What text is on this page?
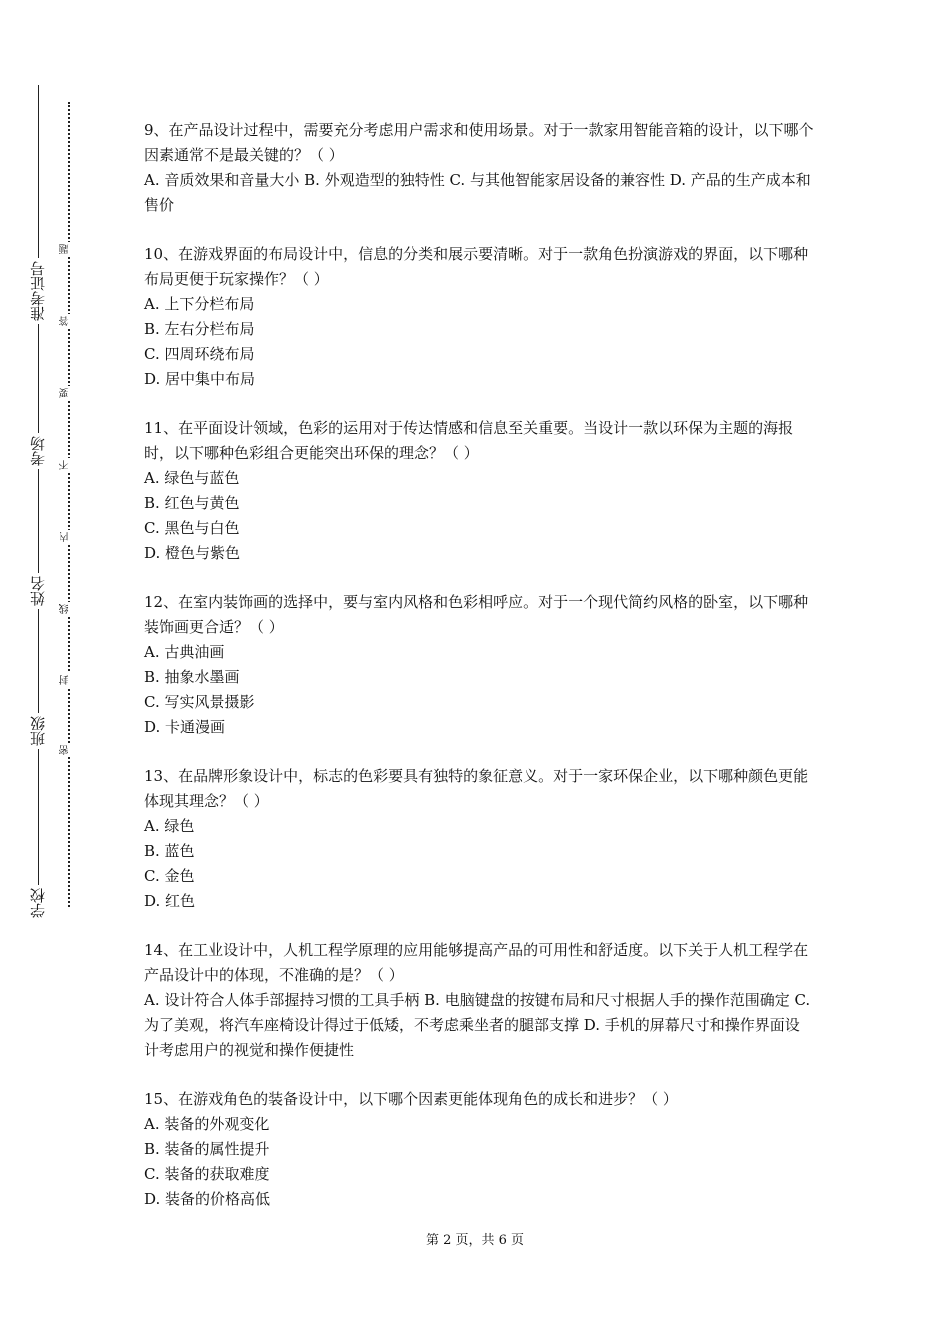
学校
班级
姓名
考场
准考证号
密
封
线
内
不
要
答
题

9、在产品设计过程中，需要充分考虑用户需求和使用场景。对于一款家用智能音箱的设计，以下哪个因素通常不是最关键的？（ ）

A. 音质效果和音量大小 B. 外观造型的独特性 C. 与其他智能家居设备的兼容性 D. 产品的生产成本和售价

10、在游戏界面的布局设计中，信息的分类和展示要清晰。对于一款角色扮演游戏的界面，以下哪种布局更便于玩家操作？（ ）

A. 上下分栏布局

B. 左右分栏布局

C. 四周环绕布局

D. 居中集中布局

11、在平面设计领域，色彩的运用对于传达情感和信息至关重要。当设计一款以环保为主题的海报时，以下哪种色彩组合更能突出环保的理念？（ ）

A. 绿色与蓝色

B. 红色与黄色

C. 黑色与白色

D. 橙色与紫色

12、在室内装饰画的选择中，要与室内风格和色彩相呼应。对于一个现代简约风格的卧室，以下哪种装饰画更合适？（ ）

A. 古典油画

B. 抽象水墨画

C. 写实风景摄影

D. 卡通漫画

13、在品牌形象设计中，标志的色彩要具有独特的象征意义。对于一家环保企业，以下哪种颜色更能体现其理念？（ ）

A. 绿色

B. 蓝色

C. 金色

D. 红色

14、在工业设计中，人机工程学原理的应用能够提高产品的可用性和舒适度。以下关于人机工程学在产品设计中的体现，不准确的是？（ ）

A. 设计符合人体手部握持习惯的工具手柄 B. 电脑键盘的按键布局和尺寸根据人手的操作范围确定 C. 为了美观，将汽车座椅设计得过于低矮，不考虑乘坐者的腿部支撑 D. 手机的屏幕尺寸和操作界面设计考虑用户的视觉和操作便捷性

15、在游戏角色的装备设计中，以下哪个因素更能体现角色的成长和进步？（ ）

A. 装备的外观变化

B. 装备的属性提升

C. 装备的获取难度

D. 装备的价格高低

第 2 页，共 6 页
